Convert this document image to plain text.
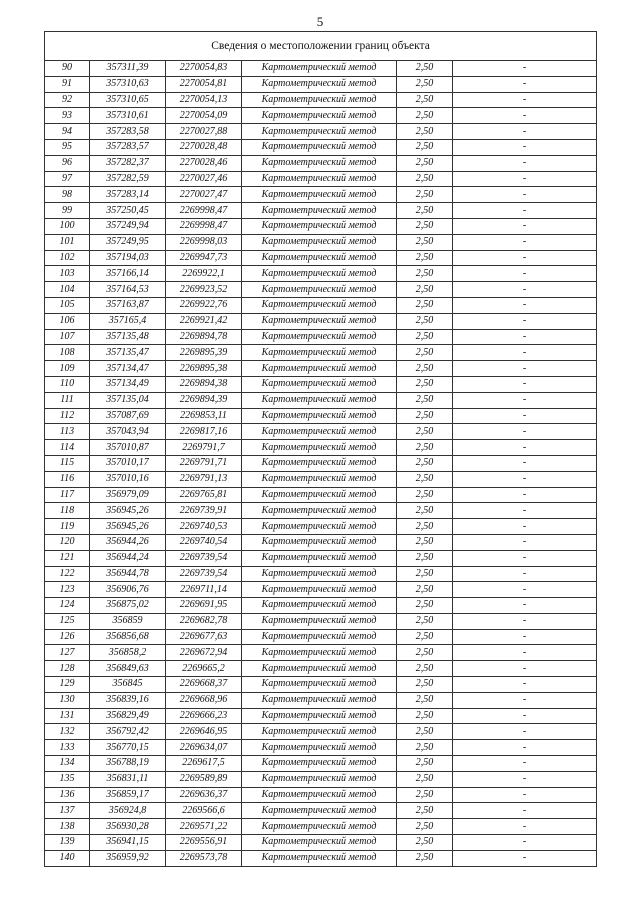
5
Сведения о местоположении границ объекта					
90	357311,39	2270054,83	Картометрический метод	2,50	-
91	357310,63	2270054,81	Картометрический метод	2,50	-
92	357310,65	2270054,13	Картометрический метод	2,50	-
93	357310,61	2270054,09	Картометрический метод	2,50	-
94	357283,58	2270027,88	Картометрический метод	2,50	-
95	357283,57	2270028,48	Картометрический метод	2,50	-
96	357282,37	2270028,46	Картометрический метод	2,50	-
97	357282,59	2270027,46	Картометрический метод	2,50	-
98	357283,14	2270027,47	Картометрический метод	2,50	-
99	357250,45	2269998,47	Картометрический метод	2,50	-
100	357249,94	2269998,47	Картометрический метод	2,50	-
101	357249,95	2269998,03	Картометрический метод	2,50	-
102	357194,03	2269947,73	Картометрический метод	2,50	-
103	357166,14	2269922,1	Картометрический метод	2,50	-
104	357164,53	2269923,52	Картометрический метод	2,50	-
105	357163,87	2269922,76	Картометрический метод	2,50	-
106	357165,4	2269921,42	Картометрический метод	2,50	-
107	357135,48	2269894,78	Картометрический метод	2,50	-
108	357135,47	2269895,39	Картометрический метод	2,50	-
109	357134,47	2269895,38	Картометрический метод	2,50	-
110	357134,49	2269894,38	Картометрический метод	2,50	-
111	357135,04	2269894,39	Картометрический метод	2,50	-
112	357087,69	2269853,11	Картометрический метод	2,50	-
113	357043,94	2269817,16	Картометрический метод	2,50	-
114	357010,87	2269791,7	Картометрический метод	2,50	-
115	357010,17	2269791,71	Картометрический метод	2,50	-
116	357010,16	2269791,13	Картометрический метод	2,50	-
117	356979,09	2269765,81	Картометрический метод	2,50	-
118	356945,26	2269739,91	Картометрический метод	2,50	-
119	356945,26	2269740,53	Картометрический метод	2,50	-
120	356944,26	2269740,54	Картометрический метод	2,50	-
121	356944,24	2269739,54	Картометрический метод	2,50	-
122	356944,78	2269739,54	Картометрический метод	2,50	-
123	356906,76	2269711,14	Картометрический метод	2,50	-
124	356875,02	2269691,95	Картометрический метод	2,50	-
125	356859	2269682,78	Картометрический метод	2,50	-
126	356856,68	2269677,63	Картометрический метод	2,50	-
127	356858,2	2269672,94	Картометрический метод	2,50	-
128	356849,63	2269665,2	Картометрический метод	2,50	-
129	356845	2269668,37	Картометрический метод	2,50	-
130	356839,16	2269668,96	Картометрический метод	2,50	-
131	356829,49	2269666,23	Картометрический метод	2,50	-
132	356792,42	2269646,95	Картометрический метод	2,50	-
133	356770,15	2269634,07	Картометрический метод	2,50	-
134	356788,19	2269617,5	Картометрический метод	2,50	-
135	356831,11	2269589,89	Картометрический метод	2,50	-
136	356859,17	2269636,37	Картометрический метод	2,50	-
137	356924,8	2269566,6	Картометрический метод	2,50	-
138	356930,28	2269571,22	Картометрический метод	2,50	-
139	356941,15	2269556,91	Картометрический метод	2,50	-
140	356959,92	2269573,78	Картометрический метод	2,50	-
